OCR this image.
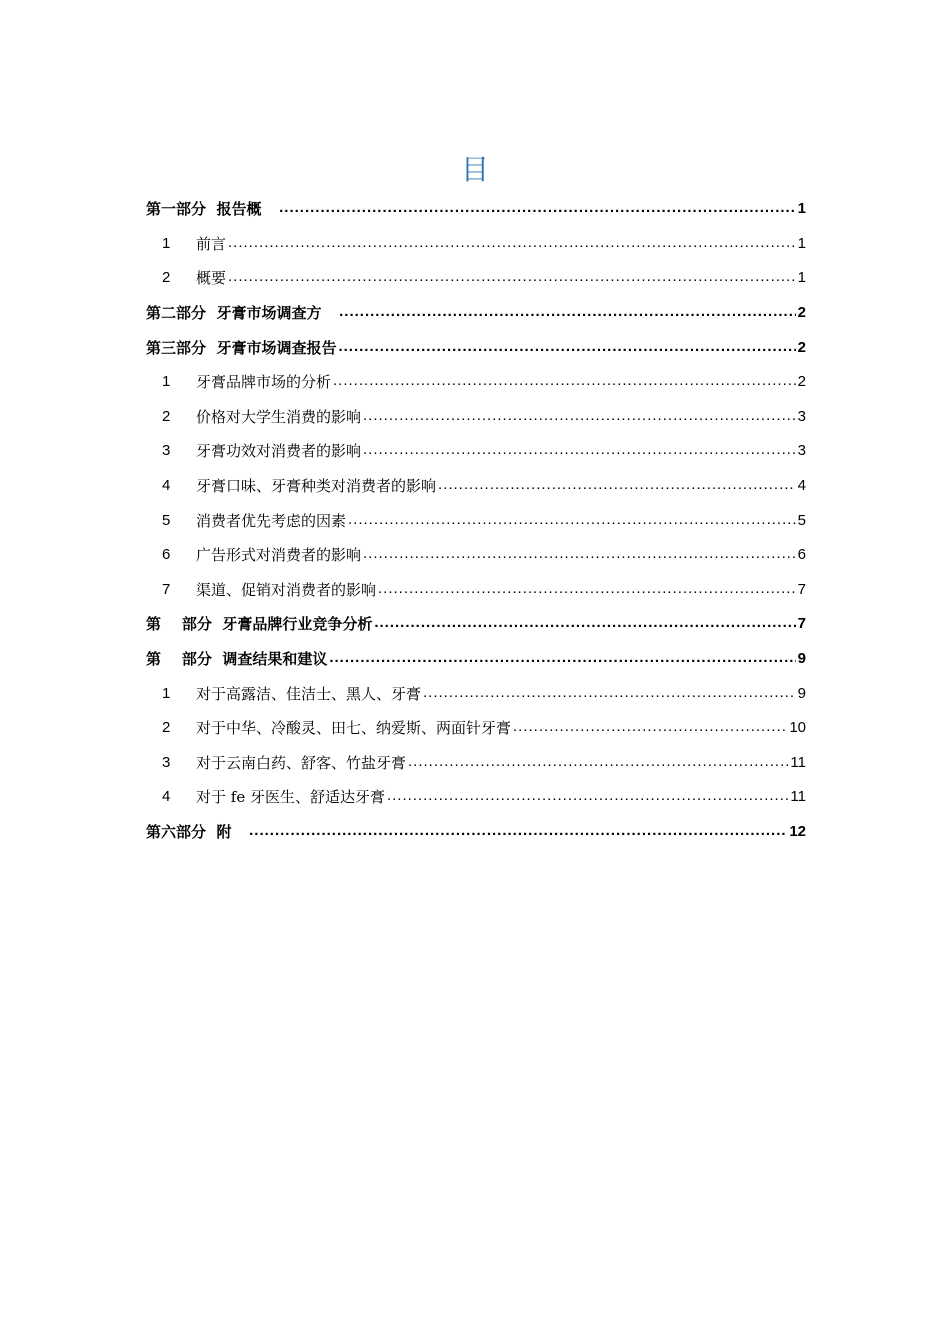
目
第一部分  报告概 .....	1
1	前言 .....	1
2	概要 .....	1
第二部分  牙膏市场调查方 .....	2
第三部分  牙膏市场调查报告 .....	2
1	牙膏品牌市场的分析 .....	2
2	价格对大学生消费的影响 .....	3
3	牙膏功效对消费者的影响 .....	3
4	牙膏口味、牙膏种类对消费者的影响 .....	4
5	消费者优先考虑的因素 .....	5
6	广告形式对消费者的影响 .....	6
7	渠道、促销对消费者的影响 .....	7
第    部分  牙膏品牌行业竞争分析 .....	7
第    部分  调查结果和建议 .....	9
1	对于高露洁、佳洁士、黑人、牙膏 .....	9
2	对于中华、冷酸灵、田七、纳爱斯、两面针牙膏 .....	10
3	对于云南白药、舒客、竹盐牙膏 .....	11
4	对于 fe 牙医生、舒适达牙膏 .....	11
第六部分  附 .....	12
